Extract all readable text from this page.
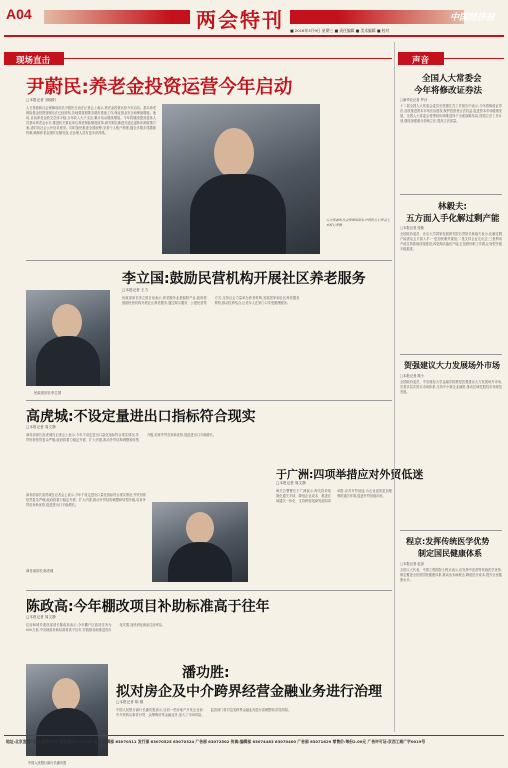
A04	两会特刊	中国经济报
■ 2016年3月9日 星期三 ■ 责任编辑 ■ 美术编辑 ■ 校对
现场直击
尹蔚民:养老金投资运营今年启动
□本报记者 刘晓阳
人力资源和社会保障部部长尹蔚民日前在记者会上表示,养老金投资运营今年启动。基本养老保险基金投资管理办法已经颁布,各地要按照要求做好准备工作,保证基金安全和保值增值。他说,目前养老金收支总体平稳,当年收入大于支出,累计结余继续增加。今年将继续提高退休人员基本养老金水平,推进机关事业单位养老保险制度改革,研究制定渐进式延迟退休年龄政策方案,适时向社会公开征求意见。同时加快推进全国统筹,完善个人账户制度,健全多缴多得激励机制,确保养老金按时足额发放,让参保人员有更多获得感。
人力资源和社会保障部部长尹蔚民在记者会上 本报记者摄
李立国:鼓励民营机构开展社区养老服务
民政部部长李立国
□本报记者 王力
民政部部长李立国日前表示,养老服务业是朝阳产业,政府将鼓励民营机构开展社区养老服务,通过购买服务、公建民营等方式,支持社会力量举办养老机构,发展居家和社区养老服务网络,推动医养结合,让老年人在家门口享受便捷服务。
高虎城:不设定量进出口指标符合现实
□本报记者 周文静
商务部部长高虎城在记者会上表示,今年不设定进出口量化指标符合现实情况,外贸形势依然复杂严峻,政府将着力稳定外需、扩大内需,推动外贸结构调整和转型升级,培育外贸竞争新优势,促进进出口平稳增长。
商务部部长高虎城在记者会上表示,今年不设定进出口量化指标符合现实情况,外贸形势依然复杂严峻,政府将着力稳定外需、扩大内需,推动外贸结构调整和转型升级,培育外贸竞争新优势,促进进出口平稳增长。
商务部部长高虎城
于广洲:四项举措应对外贸低迷
□本报记者 周文静
海关总署署长于广洲表示,海关将采取简化通关手续、降低企业成本、推进区域通关一体化、支持跨境电商发展四项举措,应对外贸低迷,为企业创造更加便利的通关环境,促进外贸回稳向好。
陈政高:今年棚改项目补助标准高于往年
□本报记者 周文静
住房和城乡建设部部长陈政高表示,今年棚户区改造任务为600万套,中央财政补助标准将高于往年,并鼓励各地推进货币化安置,加快消化商品住房库存。
潘功胜:
拟对房企及中介跨界经营金融业务进行治理
□本报记者 陈 刚
中国人民银行副行长潘功胜表示,目前一些房地产开发企业和中介机构从事首付贷、众筹购房等金融业务,加大了市场风险,监管部门将对这类跨界金融业务进行清理整顿,防范风险。
中国人民银行副行长潘功胜
声音
全国人大常委会
今年将修改证券法
□新华社记者 罗沙
十二届全国人大常委会委员长张德江在工作报告中表示,今年将修改证券法,加快推进资本市场法治建设,保护投资者合法权益,促进资本市场健康发展。全国人大常委会将围绕协调推进四个全面战略布局,按照立法工作计划,继续加强重点领域立法,提高立法质量。
林毅夫:
五方面入手化解过剩产能
□本报记者 张敏
全国政协委员、北京大学国家发展研究院名誉院长林毅夫表示,化解过剩产能需从五方面入手:一是加快兼并重组;二是支持企业走出去;三是利用产能支持基础设施建设;四是淘汰落后产能;五是做好职工安置,让转型升级平稳推进。
贺强建议大力发展场外市场
□本报记者 路小
全国政协委员、中央财经大学金融学院教授贺强建议大力发展场外市场,完善多层次资本市场体系,支持中小微企业融资,推动区域性股权市场规范发展。
程京:发挥传统医学优势
制定国民健康体系
□本报记者 赵剑
全国人大代表、中国工程院院士程京表示,应发挥中医药等传统医学优势,制定覆盖全民的国民健康体系,推动治未病理念,降低医疗成本,提升全民健康水平。
地址:北京宣武门西大街甲97号 邮政编码:100031 电话:编辑部 63070311 发行部 63070525 63070324 广告部 63072502 传真:编辑部 63074483 63070400 广告部 63071629 零售价:每份2.00元 广告许可证:京西工商广字0019号
